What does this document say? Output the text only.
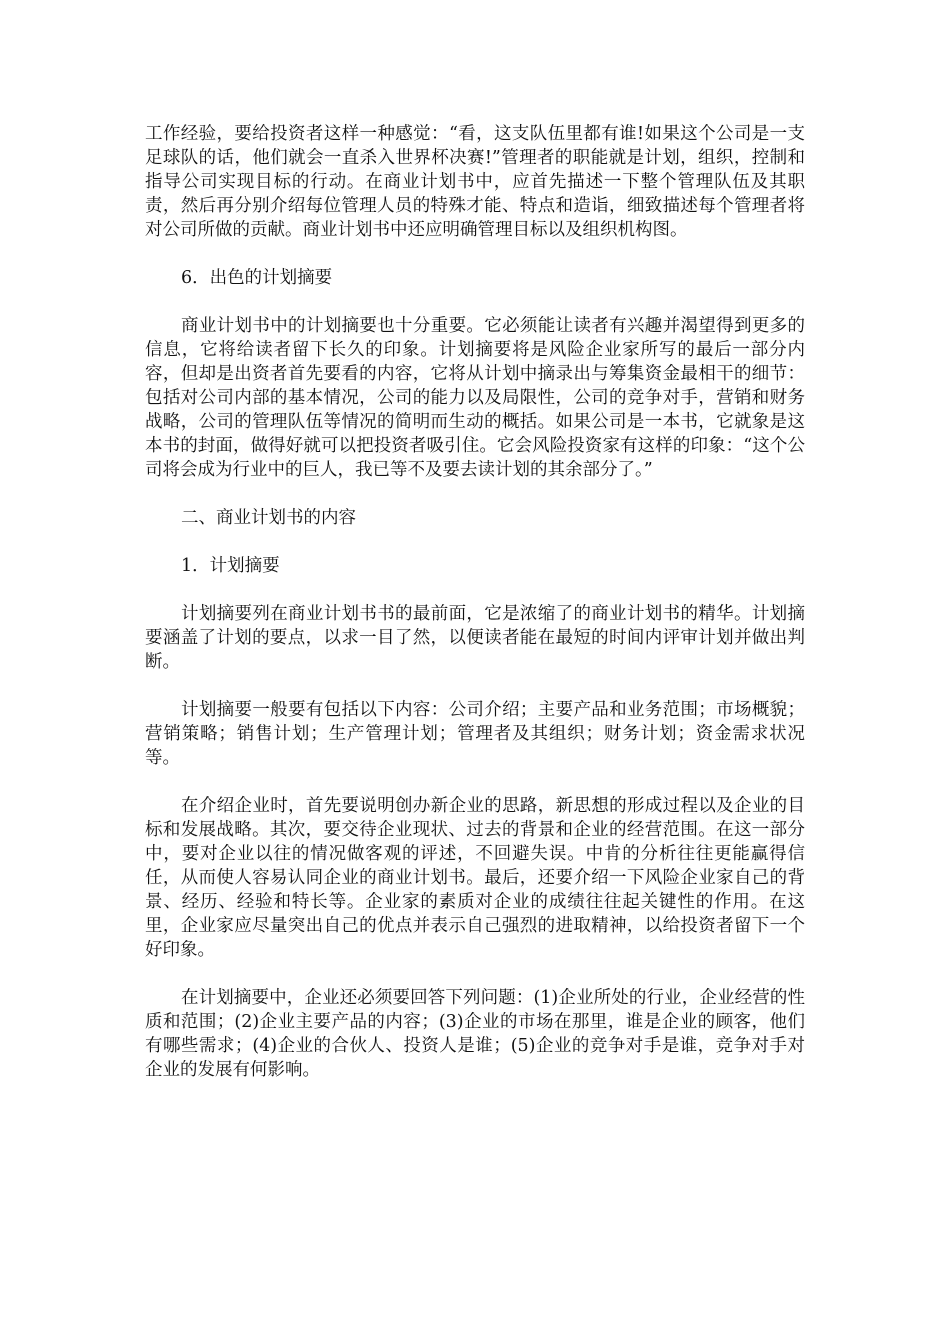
工作经验，要给投资者这样一种感觉：“看，这支队伍里都有谁!如果这个公司是一支足球队的话，他们就会一直杀入世界杯决赛!”管理者的职能就是计划，组织，控制和指导公司实现目标的行动。在商业计划书中，应首先描述一下整个管理队伍及其职责，然后再分别介绍每位管理人员的特殊才能、特点和造诣，细致描述每个管理者将对公司所做的贡献。商业计划书中还应明确管理目标以及组织机构图。

6．出色的计划摘要

商业计划书中的计划摘要也十分重要。它必须能让读者有兴趣并渴望得到更多的信息，它将给读者留下长久的印象。计划摘要将是风险企业家所写的最后一部分内容，但却是出资者首先要看的内容，它将从计划中摘录出与筹集资金最相干的细节：包括对公司内部的基本情况，公司的能力以及局限性，公司的竞争对手，营销和财务战略，公司的管理队伍等情况的简明而生动的概括。如果公司是一本书，它就象是这本书的封面，做得好就可以把投资者吸引住。它会风险投资家有这样的印象：“这个公司将会成为行业中的巨人，我已等不及要去读计划的其余部分了。”

二、商业计划书的内容

1．计划摘要

计划摘要列在商业计划书书的最前面，它是浓缩了的商业计划书的精华。计划摘要涵盖了计划的要点，以求一目了然，以便读者能在最短的时间内评审计划并做出判断。

计划摘要一般要有包括以下内容：公司介绍；主要产品和业务范围；市场概貌；营销策略；销售计划；生产管理计划；管理者及其组织；财务计划；资金需求状况等。

在介绍企业时，首先要说明创办新企业的思路，新思想的形成过程以及企业的目标和发展战略。其次，要交待企业现状、过去的背景和企业的经营范围。在这一部分中，要对企业以往的情况做客观的评述，不回避失误。中肯的分析往往更能赢得信任，从而使人容易认同企业的商业计划书。最后，还要介绍一下风险企业家自己的背景、经历、经验和特长等。企业家的素质对企业的成绩往往起关键性的作用。在这里，企业家应尽量突出自己的优点并表示自己强烈的进取精神，以给投资者留下一个好印象。

在计划摘要中，企业还必须要回答下列问题：(1)企业所处的行业，企业经营的性质和范围；(2)企业主要产品的内容；(3)企业的市场在那里，谁是企业的顾客，他们有哪些需求；(4)企业的合伙人、投资人是谁；(5)企业的竞争对手是谁，竞争对手对企业的发展有何影响。
